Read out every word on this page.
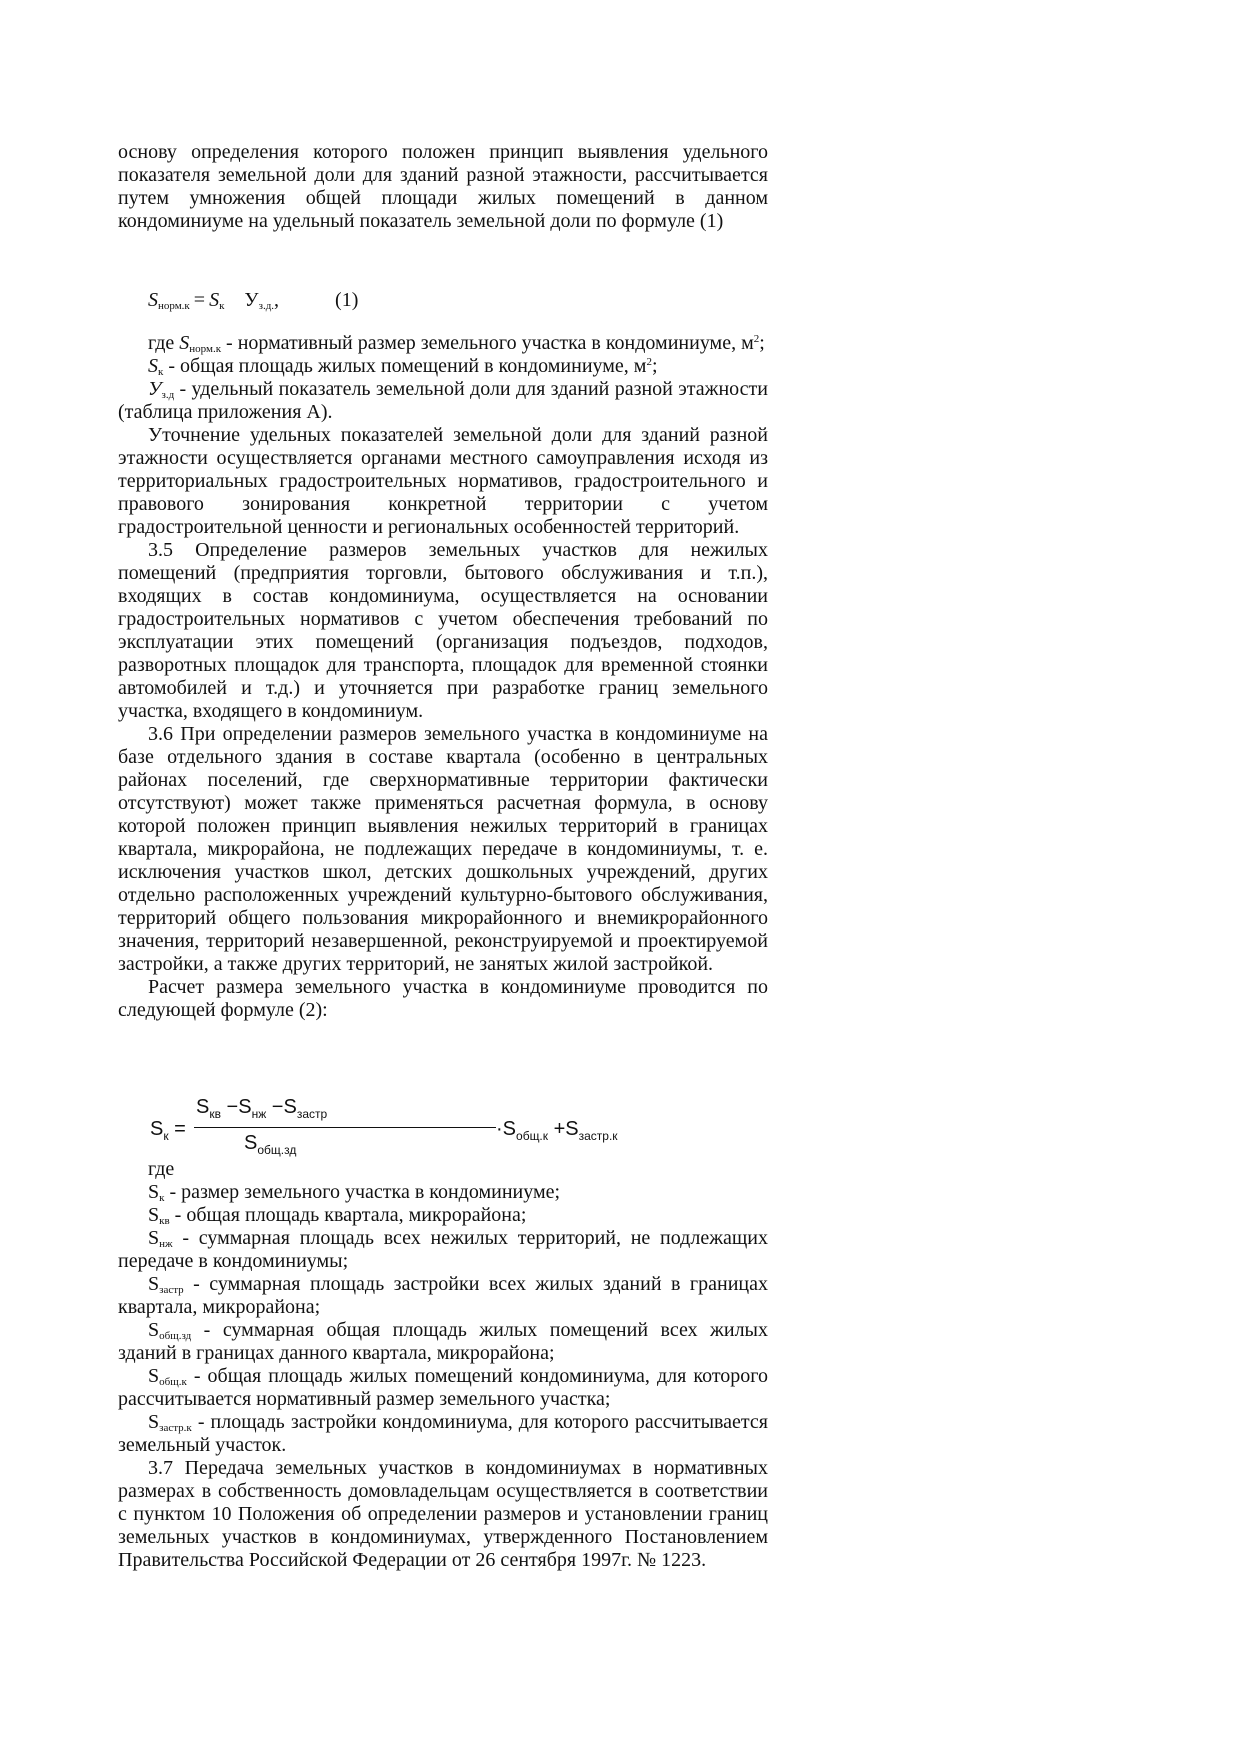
основу определения которого положен принцип выявления удельного показателя земельной доли для зданий разной этажности, рассчитывается путем умножения общей площади жилых помещений в данном кондоминиуме на удельный показатель земельной доли по формуле (1)

$S_{норм.к} = S_к$ $У_{з.д.}$,	(1)

где $S_{норм.к}$ - нормативный размер земельного участка в кондоминиуме, $м^2$;

$S_к$ - общая площадь жилых помещений в кондоминиуме, $м^2$;

$У_{з.д}$ - удельный показатель земельной доли для зданий разной этажности (таблица приложения А).

Уточнение удельных показателей земельной доли для зданий разной этажности осуществляется органами местного самоуправления исходя из территориальных градостроительных нормативов, градостроительного и правового зонирования конкретной территории с учетом градостроительной ценности и региональных особенностей территорий.

3.5 Определение размеров земельных участков для нежилых помещений (предприятия торговли, бытового обслуживания и т.п.), входящих в состав кондоминиума, осуществляется на основании градостроительных нормативов с учетом обеспечения требований по эксплуатации этих помещений (организация подъездов, подходов, разворотных площадок для транспорта, площадок для временной стоянки автомобилей и т.д.) и уточняется при разработке границ земельного участка, входящего в кондоминиум.

3.6 При определении размеров земельного участка в кондоминиуме на базе отдельного здания в составе квартала (особенно в центральных районах поселений, где сверхнормативные территории фактически отсутствуют) может также применяться расчетная формула, в основу которой положен принцип выявления нежилых территорий в границах квартала, микрорайона, не подлежащих передаче в кондоминиумы, т. е. исключения участков школ, детских дошкольных учреждений, других отдельно расположенных учреждений культурно-бытового обслуживания, территорий общего пользования микрорайонного и внемикрорайонного значения, территорий незавершенной, реконструируемой и проектируемой застройки, а также других территорий, не занятых жилой застройкой.

Расчет размера земельного участка в кондоминиуме проводится по следующей формуле (2):

$S_к$ =
$S_{кв} -S_{нж} -S_{застр}$
$S_{общ.зд}$
$\cdot S_{общ.к} +S_{застр.к}$

где

$S_к$ - размер земельного участка в кондоминиуме;

$S_{кв}$ - общая площадь квартала, микрорайона;

$S_{нж}$ - суммарная площадь всех нежилых территорий, не подлежащих передаче в кондоминиумы;

$S_{застр}$ - суммарная площадь застройки всех жилых зданий в границах квартала, микрорайона;

$S_{общ.зд}$ - суммарная общая площадь жилых помещений всех жилых зданий в границах данного квартала, микрорайона;

$S_{общ.к}$ - общая площадь жилых помещений кондоминиума, для которого рассчитывается нормативный размер земельного участка;

$S_{застр.к}$ - площадь застройки кондоминиума, для которого рассчитывается земельный участок.

3.7 Передача земельных участков в кондоминиумах в нормативных размерах в собственность домовладельцам осуществляется в соответствии с пунктом 10 Положения об определении размеров и установлении границ земельных участков в кондоминиумах, утвержденного Постановлением Правительства Российской Федерации от 26 сентября 1997г. № 1223.
